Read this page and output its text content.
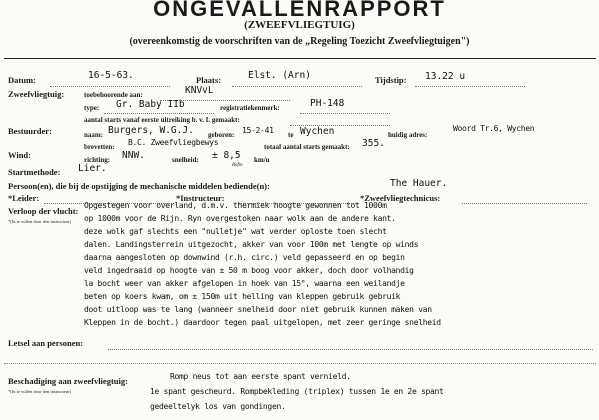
ONGEVALLENRAPPORT
(ZWEEFVLIEGTUIG)
(overeenkomstig de voorschriften van de „Regeling Toezicht Zweefvliegtuigen")
Datum:	16-5-63.	Plaats:	Elst. (Arn)	Tijdstip: 13.22 u
Zweefvliegtuig:	toebehoorende aan:	KNVvL
type: Gr. Baby IIb	registratiekenmerk:	PH-148
aantal starts vanaf eerste uitreiking b. v. L gemaakt:
Bestuurder:	naam: Burgers, W.G.J. geboren: 15-2-41 te Wychen	huidig adres:
Woord Tr.6, Wychen
brevetten: B.C. Zweefvliegbewys	totaal aantal starts gemaakt: 355.
Wind:	richting: NNW.	snelheid: ± 8,5 km/u
Rnfm
Startmethode: Lier.
Persoon(en), die bij de opstijging de mechanische middelen bediende(n):	The Hauer.
*Leider:	*Instructeur:	*Zweefvliegtechnicus:
Verloop der vlucht:
*(In te vullen door den instructeur)
Opgestegen voor overland, d.m.v. thermiek hoogte gewonnen tot 1000m
op 1000m voor de Rijn. Ryn overgestoken naar wolk aan de andere kant.
deze wolk gaf slechts een "nulletje" wat verder oploste toen slecht
dalen. Landingsterrein uitgezocht, akker van voor 100m met lengte op winds
daarna aangesloten op downwind (r.h. circ.) veld gepasseerd en op begin
veld ingedraaid op hoogte van ± 50 m boog voor akker, doch door volhandig
la bocht weer van akker afgelopen in hoek van 15°, waarna een weilandje
beten op koers kwam, om ± 150m uit helling van kleppen gebruik gebruik
doot uitloop was te lang (wanneer snelheid door niet gebruik kunnen maken van
Kleppen in de bocht.) daardoor tegen paal uitgelopen, met zeer geringe snelheid
Letsel aan personen:
Beschadiging aan zweefvliegtuig:
*(In te vullen door den instructeur)
Romp neus tot aan eerste spant vernield.
1e spant gescheurd. Rompbekleding (triplex) tussen 1e en 2e spant
gedeeltelyk los van gondingen.
